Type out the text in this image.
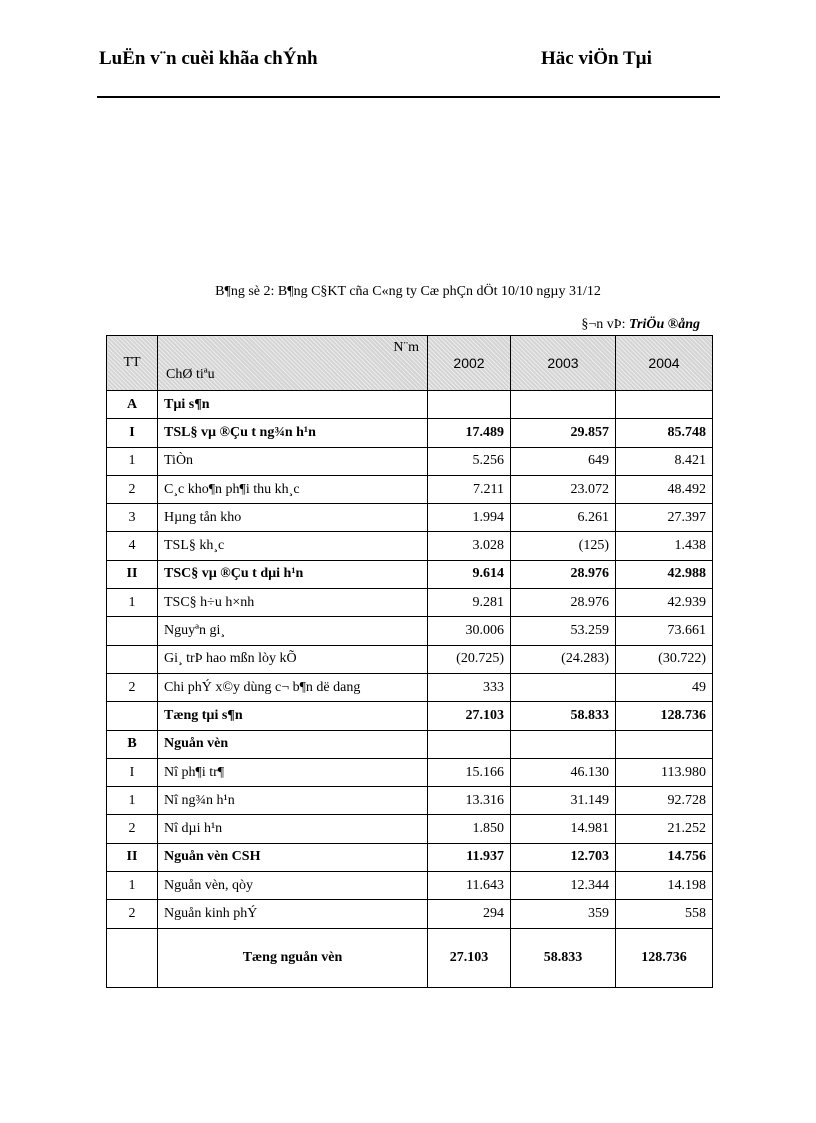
LuËn v¨n cuèi khãa chÝnh	Häc viÖn Tµi
B¶ng sè 2: B¶ng C§KT cña C«ng ty Cæ phÇn dÖt 10/10 ngµy 31/12
§¬n vÞ: TriÖu ®ång
TT	N¨m
ChØ tiªu	2002	2003	2004
A	Tµi s¶n			
I	TSL§ vµ ®Çu t ng¾n h¹n	17.489	29.857	85.748
1	TiÒn	5.256	649	8.421
2	C¸c kho¶n ph¶i thu kh¸c	7.211	23.072	48.492
3	Hµng tån kho	1.994	6.261	27.397
4	TSL§ kh¸c	3.028	(125)	1.438
II	TSC§ vµ ®Çu t dµi h¹n	9.614	28.976	42.988
1	TSC§ h÷u h×nh	9.281	28.976	42.939
	Nguyªn gi¸	30.006	53.259	73.661
	Gi¸ trÞ hao mßn lòy kÕ	(20.725)	(24.283)	(30.722)
2	Chi phÝ x©y dùng c¬ b¶n dë dang	333		49
	Tæng tµi s¶n	27.103	58.833	128.736
B	Nguån vèn			
I	Nî ph¶i tr¶	15.166	46.130	113.980
1	Nî ng¾n h¹n	13.316	31.149	92.728
2	Nî dµi h¹n	1.850	14.981	21.252
II	Nguån vèn CSH	11.937	12.703	14.756
1	Nguån vèn, qòy	11.643	12.344	14.198
2	Nguån kinh phÝ	294	359	558
	Tæng nguån vèn	27.103	58.833	128.736
